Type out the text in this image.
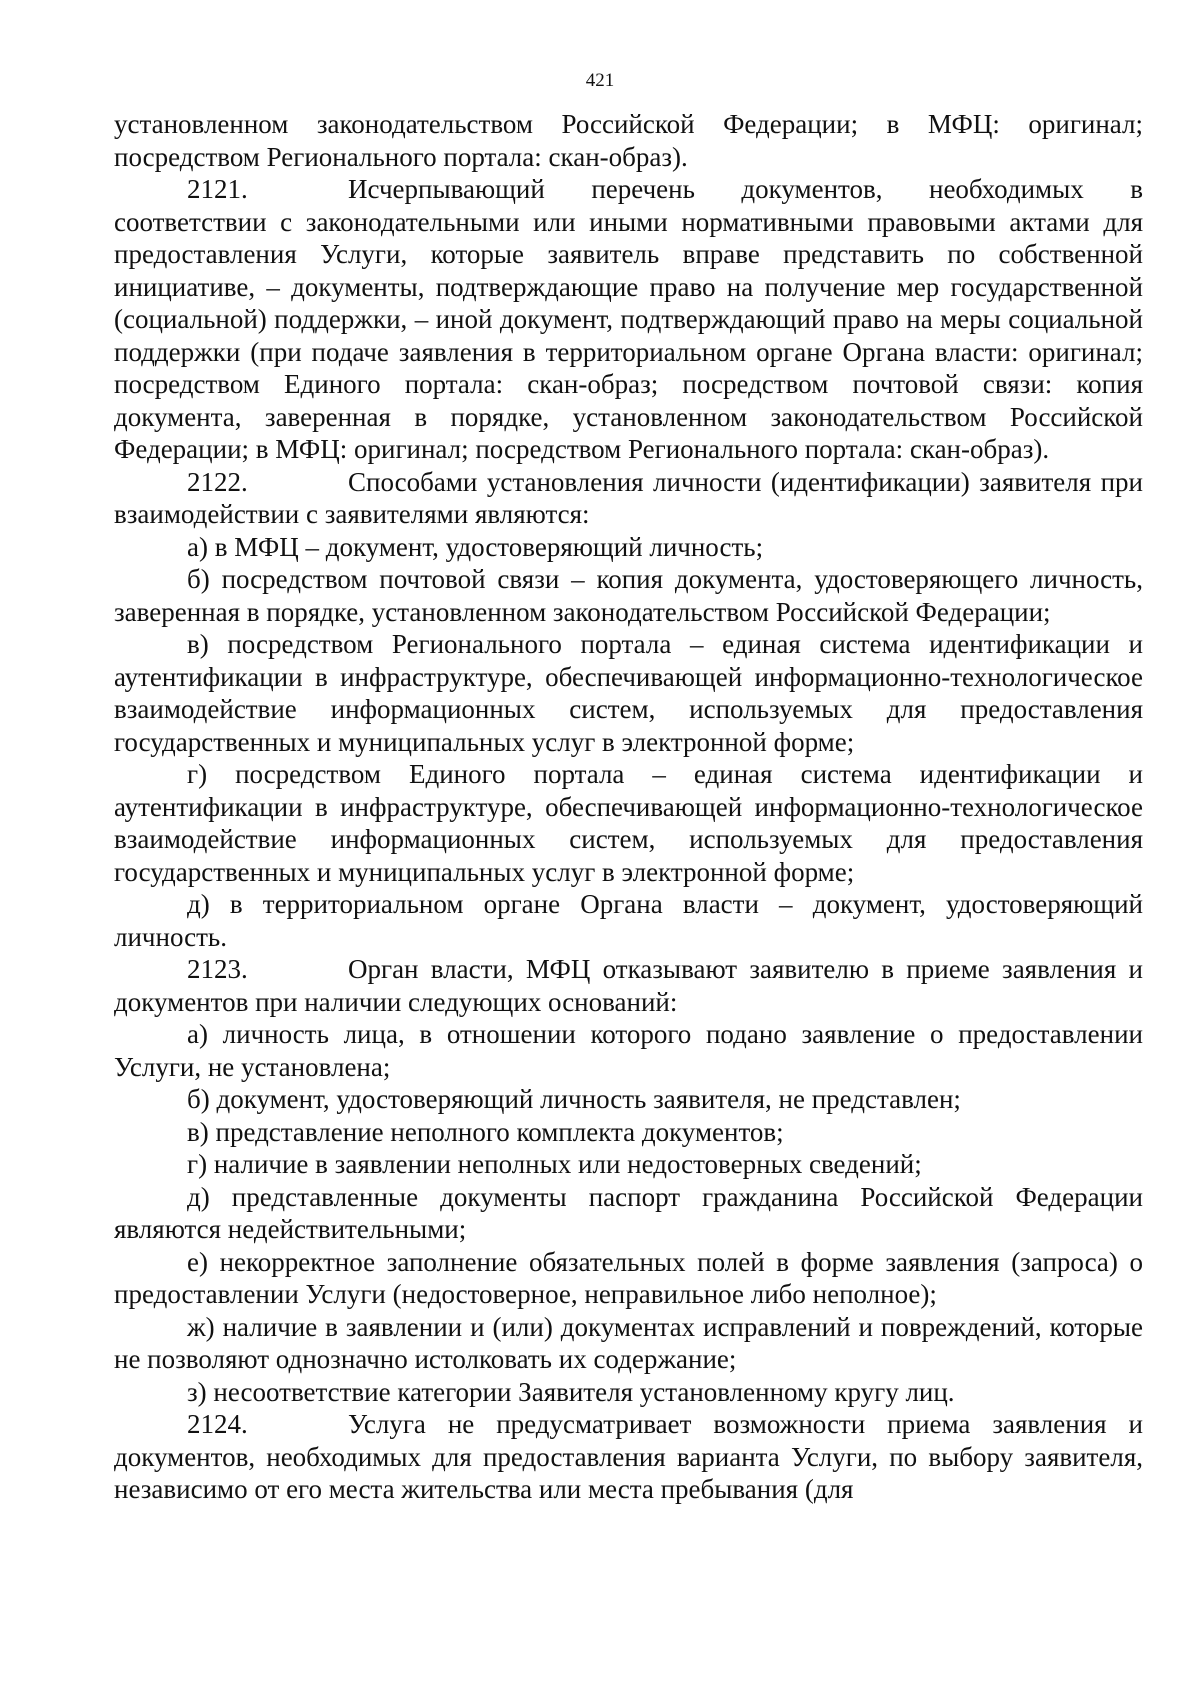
421

установленном законодательством Российской Федерации; в МФЦ: оригинал; посредством Регионального портала: скан-образ).

2121.	Исчерпывающий перечень документов, необходимых в соответствии с законодательными или иными нормативными правовыми актами для предоставления Услуги, которые заявитель вправе представить по собственной инициативе, – документы, подтверждающие право на получение мер государственной (социальной) поддержки, – иной документ, подтверждающий право на меры социальной поддержки (при подаче заявления в территориальном органе Органа власти: оригинал; посредством Единого портала: скан-образ; посредством почтовой связи: копия документа, заверенная в порядке, установленном законодательством Российской Федерации; в МФЦ: оригинал; посредством Регионального портала: скан-образ).

2122.	Способами установления личности (идентификации) заявителя при взаимодействии с заявителями являются:

а) в МФЦ – документ, удостоверяющий личность;

б) посредством почтовой связи – копия документа, удостоверяющего личность, заверенная в порядке, установленном законодательством Российской Федерации;

в) посредством Регионального портала – единая система идентификации и аутентификации в инфраструктуре, обеспечивающей информационно-технологическое взаимодействие информационных систем, используемых для предоставления государственных и муниципальных услуг в электронной форме;

г) посредством Единого портала – единая система идентификации и аутентификации в инфраструктуре, обеспечивающей информационно-технологическое взаимодействие информационных систем, используемых для предоставления государственных и муниципальных услуг в электронной форме;

д) в территориальном органе Органа власти – документ, удостоверяющий личность.

2123.	Орган власти, МФЦ отказывают заявителю в приеме заявления и документов при наличии следующих оснований:

а) личность лица, в отношении которого подано заявление о предоставлении Услуги, не установлена;

б) документ, удостоверяющий личность заявителя, не представлен;

в) представление неполного комплекта документов;

г) наличие в заявлении неполных или недостоверных сведений;

д) представленные документы паспорт гражданина Российской Федерации являются недействительными;

е) некорректное заполнение обязательных полей в форме заявления (запроса) о предоставлении Услуги (недостоверное, неправильное либо неполное);

ж) наличие в заявлении и (или) документах исправлений и повреждений, которые не позволяют однозначно истолковать их содержание;

з) несоответствие категории Заявителя установленному кругу лиц.

2124.	Услуга не предусматривает возможности приема заявления и документов, необходимых для предоставления варианта Услуги, по выбору заявителя, независимо от его места жительства или места пребывания (для
